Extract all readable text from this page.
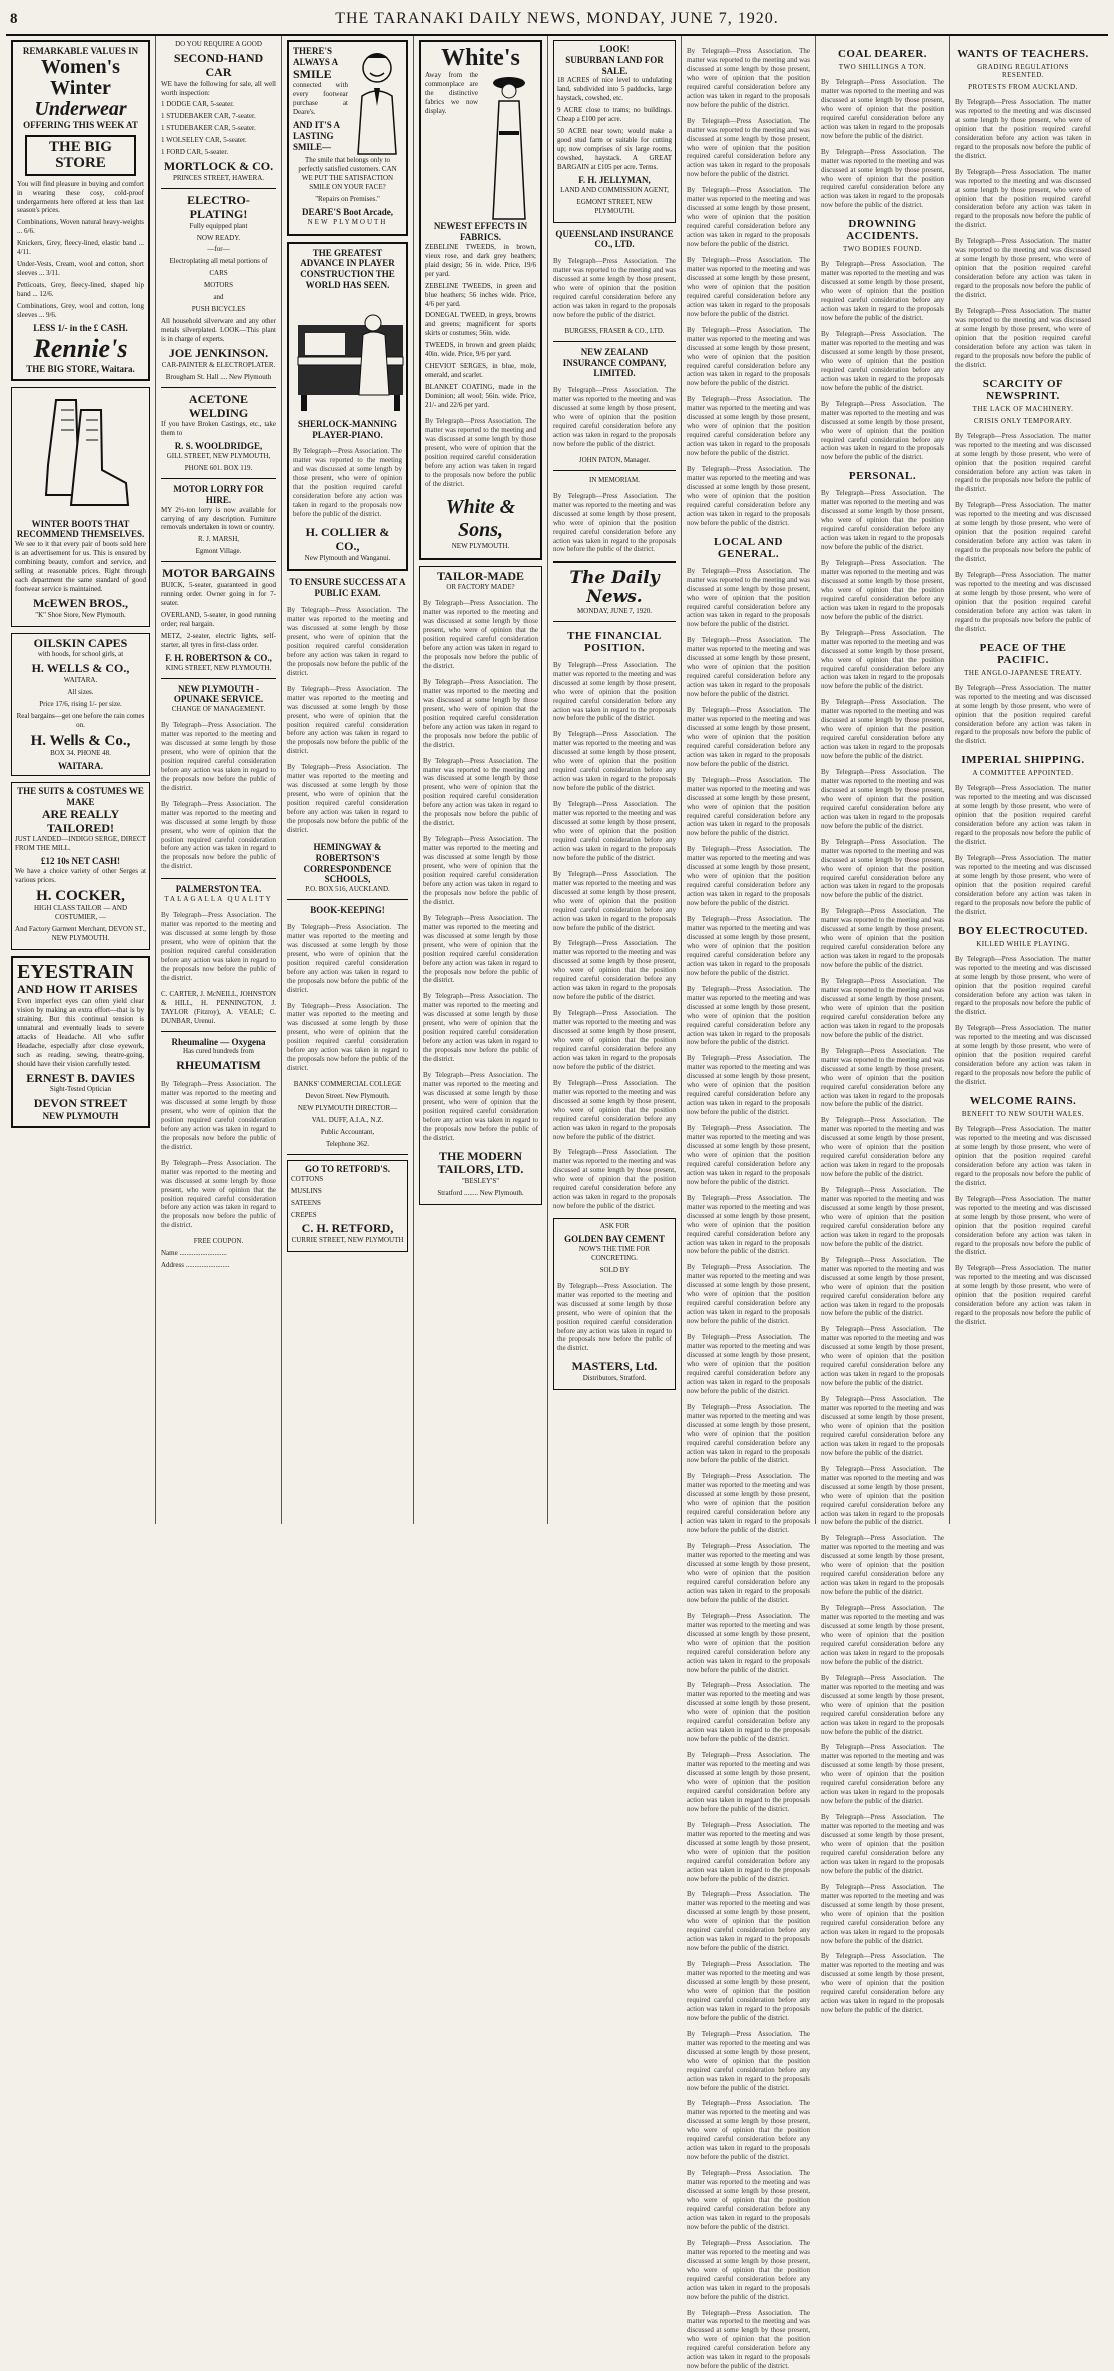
8	THE TARANAKI DAILY NEWS, MONDAY, JUNE 7, 1920.
REMARKABLE VALUES IN
Women's
Winter
Underwear
OFFERING THIS WEEK AT
THE BIG STORE

You will find pleasure in buying and comfort in wearing these cosy, cold-proof undergarments here offered at less than last season's prices.

Combinations, Woven natural heavy-weights ... 6/6.

Knickers, Grey, fleecy-lined, elastic band ... 4/11.

Under-Vests, Cream, wool and cotton, short sleeves ... 3/11.

Petticoats, Grey, fleecy-lined, shaped hip band ... 12/6.

Combinations, Grey, wool and cotton, long sleeves ... 9/6.

LESS 1/- in the £ CASH.
Rennie's
THE BIG STORE, Waitara.
WINTER BOOTS THAT RECOMMEND THEMSELVES.

We see to it that every pair of boots sold here is an advertisement for us. This is ensured by combining beauty, comfort and service, and selling at reasonable prices. Right through each department the same standard of good footwear service is maintained.

McEWEN BROS.,
"K" Shoe Store, New Plymouth.
OILSKIN CAPES
with hoods, for school girls, at
H. WELLS & CO.,
WAITARA.
All sizes.
Price 17/6, rising 1/- per size.
Real bargains—get one before the rain comes on.
H. Wells & Co.,
BOX 34. PHONE 48.
WAITARA.
THE SUITS & COSTUMES WE MAKE
ARE REALLY TAILORED!

JUST LANDED—INDIGO SERGE, DIRECT FROM THE MILL.

£12 10s NET CASH!

We have a choice variety of other Serges at various prices.

H. COCKER,
HIGH CLASS TAILOR — AND COSTUMIER, —
And Factory Garment Merchant, DEVON ST., NEW PLYMOUTH.
EYESTRAIN
AND HOW IT ARISES

Even imperfect eyes can often yield clear vision by making an extra effort—that is by straining. But this continual tension is unnatural and eventually leads to severe attacks of Headache. All who suffer Headache, especially after close eyework, such as reading, sewing, theatre-going, should have their vision carefully tested.

ERNEST B. DAVIES
Sight-Tested Optician
DEVON STREET
NEW PLYMOUTH
DO YOU REQUIRE A GOOD
SECOND-HAND CAR

WE have the following for sale, all well worth inspection:

1 DODGE CAR, 5-seater.

1 STUDEBAKER CAR, 7-seater.

1 STUDEBAKER CAR, 5-seater.

1 WOLSELEY CAR, 5-seater.

1 FORD CAR, 5-seater.

MORTLOCK & CO.
PRINCES STREET, HAWERA.
ELECTRO-PLATING!
Fully equipped plant
NOW READY.
—for—
Electroplating all metal portions of
CARS
MOTORS
and
PUSH BICYCLES

All household silverware and any other metals silverplated. LOOK—This plant is in charge of experts.

JOE JENKINSON.
CAR-PAINTER & ELECTROPLATER.
Brougham St. Hall .... New Plymouth
ACETONE WELDING

If you have Broken Castings, etc., take them to

R. S. WOOLDRIDGE,
GILL STREET, NEW PLYMOUTH,
PHONE 601. BOX 119.
MOTOR LORRY FOR HIRE.

MY 2½-ton lorry is now available for carrying of any description. Furniture removals undertaken in town or country.

R. J. MARSH,
Egmont Village.
MOTOR BARGAINS

BUICK, 5-seater, guaranteed in good running order. Owner going in for 7-seater.

OVERLAND, 5-seater, in good running order; real bargain.

METZ, 2-seater, electric lights, self-starter, all tyres in first-class order.

F. H. ROBERTSON & CO.,
KING STREET, NEW PLYMOUTH.
NEW PLYMOUTH - OPUNAKE SERVICE.
CHANGE OF MANAGEMENT.

By Telegraph—Press Association. The matter was reported to the meeting and was discussed at some length by those present, who were of opinion that the position required careful consideration before any action was taken in regard to the proposals now before the public of the district.

By Telegraph—Press Association. The matter was reported to the meeting and was discussed at some length by those present, who were of opinion that the position required careful consideration before any action was taken in regard to the proposals now before the public of the district.

PALMERSTON TEA.
TALAGALLA QUALITY

By Telegraph—Press Association. The matter was reported to the meeting and was discussed at some length by those present, who were of opinion that the position required careful consideration before any action was taken in regard to the proposals now before the public of the district.

C. CARTER, J. McNEILL, JOHNSTON & HILL, H. PENNINGTON, J. TAYLOR (Fitzroy), A. VEALE; C. DUNBAR, Urenui.

Rheumaline — Oxygena
Has cured hundreds from
RHEUMATISM

By Telegraph—Press Association. The matter was reported to the meeting and was discussed at some length by those present, who were of opinion that the position required careful consideration before any action was taken in regard to the proposals now before the public of the district.

By Telegraph—Press Association. The matter was reported to the meeting and was discussed at some length by those present, who were of opinion that the position required careful consideration before any action was taken in regard to the proposals now before the public of the district.

FREE COUPON.
Name ...........................
Address .........................
THERE'S
ALWAYS A
SMILE

connected with every footwear purchase at Deare's.

AND IT'S A
LASTING
SMILE—

The smile that belongs only to perfectly satisfied customers. CAN WE PUT THE SATISFACTION SMILE ON YOUR FACE?

"Repairs on Premises."
DEARE'S Boot Arcade,
NEW PLYMOUTH
THE GREATEST ADVANCE IN PLAYER CONSTRUCTION THE WORLD HAS SEEN.
SHERLOCK-MANNING PLAYER-PIANO.

By Telegraph—Press Association. The matter was reported to the meeting and was discussed at some length by those present, who were of opinion that the position required careful consideration before any action was taken in regard to the proposals now before the public of the district.

H. COLLIER & CO.,
New Plymouth and Wanganui.
TO ENSURE SUCCESS AT A PUBLIC EXAM.

By Telegraph—Press Association. The matter was reported to the meeting and was discussed at some length by those present, who were of opinion that the position required careful consideration before any action was taken in regard to the proposals now before the public of the district.

By Telegraph—Press Association. The matter was reported to the meeting and was discussed at some length by those present, who were of opinion that the position required careful consideration before any action was taken in regard to the proposals now before the public of the district.

By Telegraph—Press Association. The matter was reported to the meeting and was discussed at some length by those present, who were of opinion that the position required careful consideration before any action was taken in regard to the proposals now before the public of the district.

HEMINGWAY & ROBERTSON'S CORRESPONDENCE SCHOOLS,
P.O. BOX 516, AUCKLAND.
BOOK-KEEPING!

By Telegraph—Press Association. The matter was reported to the meeting and was discussed at some length by those present, who were of opinion that the position required careful consideration before any action was taken in regard to the proposals now before the public of the district.

By Telegraph—Press Association. The matter was reported to the meeting and was discussed at some length by those present, who were of opinion that the position required careful consideration before any action was taken in regard to the proposals now before the public of the district.

BANKS' COMMERCIAL COLLEGE
Devon Street. New Plymouth.
NEW PLYMOUTH DIRECTOR—
VAL. DUFF, A.I.A., N.Z.
Public Accountant,
Telephone 362.
GO TO RETFORD'S.
COTTONS
MUSLINS
SATEENS
CREPES
C. H. RETFORD,
CURRIE STREET, NEW PLYMOUTH
White's

Away from the commonplace are the distinctive fabrics we now display.

NEWEST EFFECTS IN FABRICS.

ZEBELINE TWEEDS, in brown, vieux rose, and dark grey heathers; plaid design; 56 in. wide. Price, 19/6 per yard.

ZEBELINE TWEEDS, in green and blue heathers; 56 inches wide. Price, 4/6 per yard.

DONEGAL TWEED, in greys, browns and greens; magnificent for sports skirts or costumes; 56in. wide.

TWEEDS, in brown and green plaids; 40in. wide. Price, 9/6 per yard.

CHEVIOT SERGES, in blue, mole, emerald, and scarlet.

BLANKET COATING, made in the Dominion; all wool; 56in. wide. Price, 21/- and 22/6 per yard.

By Telegraph—Press Association. The matter was reported to the meeting and was discussed at some length by those present, who were of opinion that the position required careful consideration before any action was taken in regard to the proposals now before the public of the district.

White & Sons,
NEW PLYMOUTH.
TAILOR-MADE
OR FACTORY MADE?

By Telegraph—Press Association. The matter was reported to the meeting and was discussed at some length by those present, who were of opinion that the position required careful consideration before any action was taken in regard to the proposals now before the public of the district.

By Telegraph—Press Association. The matter was reported to the meeting and was discussed at some length by those present, who were of opinion that the position required careful consideration before any action was taken in regard to the proposals now before the public of the district.

By Telegraph—Press Association. The matter was reported to the meeting and was discussed at some length by those present, who were of opinion that the position required careful consideration before any action was taken in regard to the proposals now before the public of the district.

By Telegraph—Press Association. The matter was reported to the meeting and was discussed at some length by those present, who were of opinion that the position required careful consideration before any action was taken in regard to the proposals now before the public of the district.

By Telegraph—Press Association. The matter was reported to the meeting and was discussed at some length by those present, who were of opinion that the position required careful consideration before any action was taken in regard to the proposals now before the public of the district.

By Telegraph—Press Association. The matter was reported to the meeting and was discussed at some length by those present, who were of opinion that the position required careful consideration before any action was taken in regard to the proposals now before the public of the district.

By Telegraph—Press Association. The matter was reported to the meeting and was discussed at some length by those present, who were of opinion that the position required careful consideration before any action was taken in regard to the proposals now before the public of the district.

THE MODERN
TAILORS, LTD.
"BESLEY'S"
Stratford ........ New Plymouth.
LOOK!
SUBURBAN LAND FOR SALE.

18 ACRES of nice level to undulating land, subdivided into 5 paddocks, large haystack, cowshed, etc.

9 ACRE close to trams; no buildings. Cheap a £100 per acre.

50 ACRE near town; would make a good stud farm or suitable for cutting up; now comprises of six large rooms, cowshed, haystack. A GREAT BARGAIN at £105 per acre. Terms.

F. H. JELLYMAN,
LAND AND COMMISSION AGENT,
EGMONT STREET, NEW PLYMOUTH.
QUEENSLAND INSURANCE CO., LTD.

By Telegraph—Press Association. The matter was reported to the meeting and was discussed at some length by those present, who were of opinion that the position required careful consideration before any action was taken in regard to the proposals now before the public of the district.

BURGESS, FRASER & CO., LTD.
NEW ZEALAND INSURANCE COMPANY, LIMITED.

By Telegraph—Press Association. The matter was reported to the meeting and was discussed at some length by those present, who were of opinion that the position required careful consideration before any action was taken in regard to the proposals now before the public of the district.

JOHN PATON, Manager.
IN MEMORIAM.

By Telegraph—Press Association. The matter was reported to the meeting and was discussed at some length by those present, who were of opinion that the position required careful consideration before any action was taken in regard to the proposals now before the public of the district.

The Daily News.
MONDAY, JUNE 7, 1920.
THE FINANCIAL POSITION.

By Telegraph—Press Association. The matter was reported to the meeting and was discussed at some length by those present, who were of opinion that the position required careful consideration before any action was taken in regard to the proposals now before the public of the district.

By Telegraph—Press Association. The matter was reported to the meeting and was discussed at some length by those present, who were of opinion that the position required careful consideration before any action was taken in regard to the proposals now before the public of the district.

By Telegraph—Press Association. The matter was reported to the meeting and was discussed at some length by those present, who were of opinion that the position required careful consideration before any action was taken in regard to the proposals now before the public of the district.

By Telegraph—Press Association. The matter was reported to the meeting and was discussed at some length by those present, who were of opinion that the position required careful consideration before any action was taken in regard to the proposals now before the public of the district.

By Telegraph—Press Association. The matter was reported to the meeting and was discussed at some length by those present, who were of opinion that the position required careful consideration before any action was taken in regard to the proposals now before the public of the district.

By Telegraph—Press Association. The matter was reported to the meeting and was discussed at some length by those present, who were of opinion that the position required careful consideration before any action was taken in regard to the proposals now before the public of the district.

By Telegraph—Press Association. The matter was reported to the meeting and was discussed at some length by those present, who were of opinion that the position required careful consideration before any action was taken in regard to the proposals now before the public of the district.

By Telegraph—Press Association. The matter was reported to the meeting and was discussed at some length by those present, who were of opinion that the position required careful consideration before any action was taken in regard to the proposals now before the public of the district.

ASK FOR
GOLDEN BAY CEMENT
NOW'S THE TIME FOR CONCRETING.
SOLD BY

By Telegraph—Press Association. The matter was reported to the meeting and was discussed at some length by those present, who were of opinion that the position required careful consideration before any action was taken in regard to the proposals now before the public of the district.

MASTERS, Ltd.
Distributors, Stratford.

By Telegraph—Press Association. The matter was reported to the meeting and was discussed at some length by those present, who were of opinion that the position required careful consideration before any action was taken in regard to the proposals now before the public of the district.

By Telegraph—Press Association. The matter was reported to the meeting and was discussed at some length by those present, who were of opinion that the position required careful consideration before any action was taken in regard to the proposals now before the public of the district.

By Telegraph—Press Association. The matter was reported to the meeting and was discussed at some length by those present, who were of opinion that the position required careful consideration before any action was taken in regard to the proposals now before the public of the district.

By Telegraph—Press Association. The matter was reported to the meeting and was discussed at some length by those present, who were of opinion that the position required careful consideration before any action was taken in regard to the proposals now before the public of the district.

By Telegraph—Press Association. The matter was reported to the meeting and was discussed at some length by those present, who were of opinion that the position required careful consideration before any action was taken in regard to the proposals now before the public of the district.

By Telegraph—Press Association. The matter was reported to the meeting and was discussed at some length by those present, who were of opinion that the position required careful consideration before any action was taken in regard to the proposals now before the public of the district.

By Telegraph—Press Association. The matter was reported to the meeting and was discussed at some length by those present, who were of opinion that the position required careful consideration before any action was taken in regard to the proposals now before the public of the district.

LOCAL AND GENERAL.

By Telegraph—Press Association. The matter was reported to the meeting and was discussed at some length by those present, who were of opinion that the position required careful consideration before any action was taken in regard to the proposals now before the public of the district.

By Telegraph—Press Association. The matter was reported to the meeting and was discussed at some length by those present, who were of opinion that the position required careful consideration before any action was taken in regard to the proposals now before the public of the district.

By Telegraph—Press Association. The matter was reported to the meeting and was discussed at some length by those present, who were of opinion that the position required careful consideration before any action was taken in regard to the proposals now before the public of the district.

By Telegraph—Press Association. The matter was reported to the meeting and was discussed at some length by those present, who were of opinion that the position required careful consideration before any action was taken in regard to the proposals now before the public of the district.

By Telegraph—Press Association. The matter was reported to the meeting and was discussed at some length by those present, who were of opinion that the position required careful consideration before any action was taken in regard to the proposals now before the public of the district.

By Telegraph—Press Association. The matter was reported to the meeting and was discussed at some length by those present, who were of opinion that the position required careful consideration before any action was taken in regard to the proposals now before the public of the district.

By Telegraph—Press Association. The matter was reported to the meeting and was discussed at some length by those present, who were of opinion that the position required careful consideration before any action was taken in regard to the proposals now before the public of the district.

By Telegraph—Press Association. The matter was reported to the meeting and was discussed at some length by those present, who were of opinion that the position required careful consideration before any action was taken in regard to the proposals now before the public of the district.

By Telegraph—Press Association. The matter was reported to the meeting and was discussed at some length by those present, who were of opinion that the position required careful consideration before any action was taken in regard to the proposals now before the public of the district.

By Telegraph—Press Association. The matter was reported to the meeting and was discussed at some length by those present, who were of opinion that the position required careful consideration before any action was taken in regard to the proposals now before the public of the district.

By Telegraph—Press Association. The matter was reported to the meeting and was discussed at some length by those present, who were of opinion that the position required careful consideration before any action was taken in regard to the proposals now before the public of the district.

By Telegraph—Press Association. The matter was reported to the meeting and was discussed at some length by those present, who were of opinion that the position required careful consideration before any action was taken in regard to the proposals now before the public of the district.

By Telegraph—Press Association. The matter was reported to the meeting and was discussed at some length by those present, who were of opinion that the position required careful consideration before any action was taken in regard to the proposals now before the public of the district.

By Telegraph—Press Association. The matter was reported to the meeting and was discussed at some length by those present, who were of opinion that the position required careful consideration before any action was taken in regard to the proposals now before the public of the district.

By Telegraph—Press Association. The matter was reported to the meeting and was discussed at some length by those present, who were of opinion that the position required careful consideration before any action was taken in regard to the proposals now before the public of the district.

By Telegraph—Press Association. The matter was reported to the meeting and was discussed at some length by those present, who were of opinion that the position required careful consideration before any action was taken in regard to the proposals now before the public of the district.

By Telegraph—Press Association. The matter was reported to the meeting and was discussed at some length by those present, who were of opinion that the position required careful consideration before any action was taken in regard to the proposals now before the public of the district.

By Telegraph—Press Association. The matter was reported to the meeting and was discussed at some length by those present, who were of opinion that the position required careful consideration before any action was taken in regard to the proposals now before the public of the district.

By Telegraph—Press Association. The matter was reported to the meeting and was discussed at some length by those present, who were of opinion that the position required careful consideration before any action was taken in regard to the proposals now before the public of the district.

By Telegraph—Press Association. The matter was reported to the meeting and was discussed at some length by those present, who were of opinion that the position required careful consideration before any action was taken in regard to the proposals now before the public of the district.

By Telegraph—Press Association. The matter was reported to the meeting and was discussed at some length by those present, who were of opinion that the position required careful consideration before any action was taken in regard to the proposals now before the public of the district.

By Telegraph—Press Association. The matter was reported to the meeting and was discussed at some length by those present, who were of opinion that the position required careful consideration before any action was taken in regard to the proposals now before the public of the district.

By Telegraph—Press Association. The matter was reported to the meeting and was discussed at some length by those present, who were of opinion that the position required careful consideration before any action was taken in regard to the proposals now before the public of the district.

By Telegraph—Press Association. The matter was reported to the meeting and was discussed at some length by those present, who were of opinion that the position required careful consideration before any action was taken in regard to the proposals now before the public of the district.

By Telegraph—Press Association. The matter was reported to the meeting and was discussed at some length by those present, who were of opinion that the position required careful consideration before any action was taken in regard to the proposals now before the public of the district.

By Telegraph—Press Association. The matter was reported to the meeting and was discussed at some length by those present, who were of opinion that the position required careful consideration before any action was taken in regard to the proposals now before the public of the district.

COAL DEARER.
TWO SHILLINGS A TON.

By Telegraph—Press Association. The matter was reported to the meeting and was discussed at some length by those present, who were of opinion that the position required careful consideration before any action was taken in regard to the proposals now before the public of the district.

By Telegraph—Press Association. The matter was reported to the meeting and was discussed at some length by those present, who were of opinion that the position required careful consideration before any action was taken in regard to the proposals now before the public of the district.

DROWNING ACCIDENTS.
TWO BODIES FOUND.

By Telegraph—Press Association. The matter was reported to the meeting and was discussed at some length by those present, who were of opinion that the position required careful consideration before any action was taken in regard to the proposals now before the public of the district.

By Telegraph—Press Association. The matter was reported to the meeting and was discussed at some length by those present, who were of opinion that the position required careful consideration before any action was taken in regard to the proposals now before the public of the district.

By Telegraph—Press Association. The matter was reported to the meeting and was discussed at some length by those present, who were of opinion that the position required careful consideration before any action was taken in regard to the proposals now before the public of the district.

PERSONAL.

By Telegraph—Press Association. The matter was reported to the meeting and was discussed at some length by those present, who were of opinion that the position required careful consideration before any action was taken in regard to the proposals now before the public of the district.

By Telegraph—Press Association. The matter was reported to the meeting and was discussed at some length by those present, who were of opinion that the position required careful consideration before any action was taken in regard to the proposals now before the public of the district.

By Telegraph—Press Association. The matter was reported to the meeting and was discussed at some length by those present, who were of opinion that the position required careful consideration before any action was taken in regard to the proposals now before the public of the district.

By Telegraph—Press Association. The matter was reported to the meeting and was discussed at some length by those present, who were of opinion that the position required careful consideration before any action was taken in regard to the proposals now before the public of the district.

By Telegraph—Press Association. The matter was reported to the meeting and was discussed at some length by those present, who were of opinion that the position required careful consideration before any action was taken in regard to the proposals now before the public of the district.

By Telegraph—Press Association. The matter was reported to the meeting and was discussed at some length by those present, who were of opinion that the position required careful consideration before any action was taken in regard to the proposals now before the public of the district.

By Telegraph—Press Association. The matter was reported to the meeting and was discussed at some length by those present, who were of opinion that the position required careful consideration before any action was taken in regard to the proposals now before the public of the district.

By Telegraph—Press Association. The matter was reported to the meeting and was discussed at some length by those present, who were of opinion that the position required careful consideration before any action was taken in regard to the proposals now before the public of the district.

By Telegraph—Press Association. The matter was reported to the meeting and was discussed at some length by those present, who were of opinion that the position required careful consideration before any action was taken in regard to the proposals now before the public of the district.

By Telegraph—Press Association. The matter was reported to the meeting and was discussed at some length by those present, who were of opinion that the position required careful consideration before any action was taken in regard to the proposals now before the public of the district.

By Telegraph—Press Association. The matter was reported to the meeting and was discussed at some length by those present, who were of opinion that the position required careful consideration before any action was taken in regard to the proposals now before the public of the district.

By Telegraph—Press Association. The matter was reported to the meeting and was discussed at some length by those present, who were of opinion that the position required careful consideration before any action was taken in regard to the proposals now before the public of the district.

By Telegraph—Press Association. The matter was reported to the meeting and was discussed at some length by those present, who were of opinion that the position required careful consideration before any action was taken in regard to the proposals now before the public of the district.

By Telegraph—Press Association. The matter was reported to the meeting and was discussed at some length by those present, who were of opinion that the position required careful consideration before any action was taken in regard to the proposals now before the public of the district.

By Telegraph—Press Association. The matter was reported to the meeting and was discussed at some length by those present, who were of opinion that the position required careful consideration before any action was taken in regard to the proposals now before the public of the district.

By Telegraph—Press Association. The matter was reported to the meeting and was discussed at some length by those present, who were of opinion that the position required careful consideration before any action was taken in regard to the proposals now before the public of the district.

By Telegraph—Press Association. The matter was reported to the meeting and was discussed at some length by those present, who were of opinion that the position required careful consideration before any action was taken in regard to the proposals now before the public of the district.

By Telegraph—Press Association. The matter was reported to the meeting and was discussed at some length by those present, who were of opinion that the position required careful consideration before any action was taken in regard to the proposals now before the public of the district.

By Telegraph—Press Association. The matter was reported to the meeting and was discussed at some length by those present, who were of opinion that the position required careful consideration before any action was taken in regard to the proposals now before the public of the district.

By Telegraph—Press Association. The matter was reported to the meeting and was discussed at some length by those present, who were of opinion that the position required careful consideration before any action was taken in regard to the proposals now before the public of the district.

By Telegraph—Press Association. The matter was reported to the meeting and was discussed at some length by those present, who were of opinion that the position required careful consideration before any action was taken in regard to the proposals now before the public of the district.

By Telegraph—Press Association. The matter was reported to the meeting and was discussed at some length by those present, who were of opinion that the position required careful consideration before any action was taken in regard to the proposals now before the public of the district.

WANTS OF TEACHERS.
GRADING REGULATIONS RESENTED.
PROTESTS FROM AUCKLAND.

By Telegraph—Press Association. The matter was reported to the meeting and was discussed at some length by those present, who were of opinion that the position required careful consideration before any action was taken in regard to the proposals now before the public of the district.

By Telegraph—Press Association. The matter was reported to the meeting and was discussed at some length by those present, who were of opinion that the position required careful consideration before any action was taken in regard to the proposals now before the public of the district.

By Telegraph—Press Association. The matter was reported to the meeting and was discussed at some length by those present, who were of opinion that the position required careful consideration before any action was taken in regard to the proposals now before the public of the district.

By Telegraph—Press Association. The matter was reported to the meeting and was discussed at some length by those present, who were of opinion that the position required careful consideration before any action was taken in regard to the proposals now before the public of the district.

SCARCITY OF NEWSPRINT.
THE LACK OF MACHINERY.
CRISIS ONLY TEMPORARY.

By Telegraph—Press Association. The matter was reported to the meeting and was discussed at some length by those present, who were of opinion that the position required careful consideration before any action was taken in regard to the proposals now before the public of the district.

By Telegraph—Press Association. The matter was reported to the meeting and was discussed at some length by those present, who were of opinion that the position required careful consideration before any action was taken in regard to the proposals now before the public of the district.

By Telegraph—Press Association. The matter was reported to the meeting and was discussed at some length by those present, who were of opinion that the position required careful consideration before any action was taken in regard to the proposals now before the public of the district.

PEACE OF THE PACIFIC.
THE ANGLO-JAPANESE TREATY.

By Telegraph—Press Association. The matter was reported to the meeting and was discussed at some length by those present, who were of opinion that the position required careful consideration before any action was taken in regard to the proposals now before the public of the district.

IMPERIAL SHIPPING.
A COMMITTEE APPOINTED.

By Telegraph—Press Association. The matter was reported to the meeting and was discussed at some length by those present, who were of opinion that the position required careful consideration before any action was taken in regard to the proposals now before the public of the district.

By Telegraph—Press Association. The matter was reported to the meeting and was discussed at some length by those present, who were of opinion that the position required careful consideration before any action was taken in regard to the proposals now before the public of the district.

BOY ELECTROCUTED.
KILLED WHILE PLAYING.

By Telegraph—Press Association. The matter was reported to the meeting and was discussed at some length by those present, who were of opinion that the position required careful consideration before any action was taken in regard to the proposals now before the public of the district.

By Telegraph—Press Association. The matter was reported to the meeting and was discussed at some length by those present, who were of opinion that the position required careful consideration before any action was taken in regard to the proposals now before the public of the district.

WELCOME RAINS.
BENEFIT TO NEW SOUTH WALES.

By Telegraph—Press Association. The matter was reported to the meeting and was discussed at some length by those present, who were of opinion that the position required careful consideration before any action was taken in regard to the proposals now before the public of the district.

By Telegraph—Press Association. The matter was reported to the meeting and was discussed at some length by those present, who were of opinion that the position required careful consideration before any action was taken in regard to the proposals now before the public of the district.

By Telegraph—Press Association. The matter was reported to the meeting and was discussed at some length by those present, who were of opinion that the position required careful consideration before any action was taken in regard to the proposals now before the public of the district.
